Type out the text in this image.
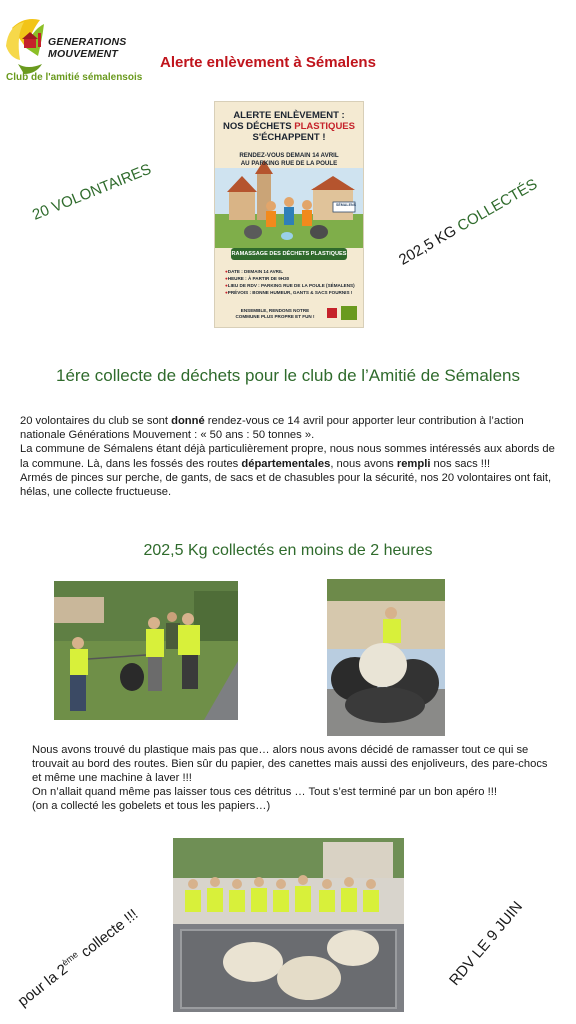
GENERATIONS
MOUVEMENT
Club de l'amitié sémalensois
Alerte enlèvement à Sémalens
ALERTE ENLÈVEMENT :
NOS DÉCHETS PLASTIQUES
S'ÉCHAPPENT !
RENDEZ-VOUS DEMAIN 14 AVRIL
AU PARKING RUE DE LA POULE
SÉMALENS
RAMASSAGE DES DÉCHETS PLASTIQUES
● DATE : DEMAIN 14 AVRIL
● HEURE : À PARTIR DE 9H30
● LIEU DE RDV : PARKING RUE DE LA POULE (SÉMALENS)
● PRÉVOIS : BONNE HUMEUR, GANTS & SACS FOURNIS !
ENSEMBLE, RENDONS NOTRE
COMMUNE PLUS PROPRE ET FUN !
20 VOLONTAIRES
202,5 KG COLLECTÉS
1ére collecte de déchets pour le club de l’Amitié de Sémalens

20 volontaires du club se sont donné rendez-vous ce 14 avril pour apporter leur contribution à l’action nationale Générations Mouvement : « 50 ans : 50 tonnes ».

La commune de Sémalens étant déjà particulièrement propre, nous nous sommes intéressés aux abords de la commune. Là, dans les fossés des routes départementales, nous avons rempli nos sacs !!!

Armés de pinces sur perche, de gants, de sacs et de chasubles pour la sécurité, nos 20 volontaires ont fait, hélas, une collecte fructueuse.

202,5 Kg collectés en moins de 2 heures

Nous avons trouvé du plastique mais pas que… alors nous avons décidé de ramasser tout ce qui se trouvait au bord des routes. Bien sûr du papier, des canettes mais aussi des enjoliveurs, des pare-chocs et même une machine à laver !!!

On n’allait quand même pas laisser tous ces détritus … Tout s’est terminé par un bon apéro !!!

(on a collecté les gobelets et tous les papiers…)

pour la 2ème collecte !!!	RDV LE 9 JUIN
